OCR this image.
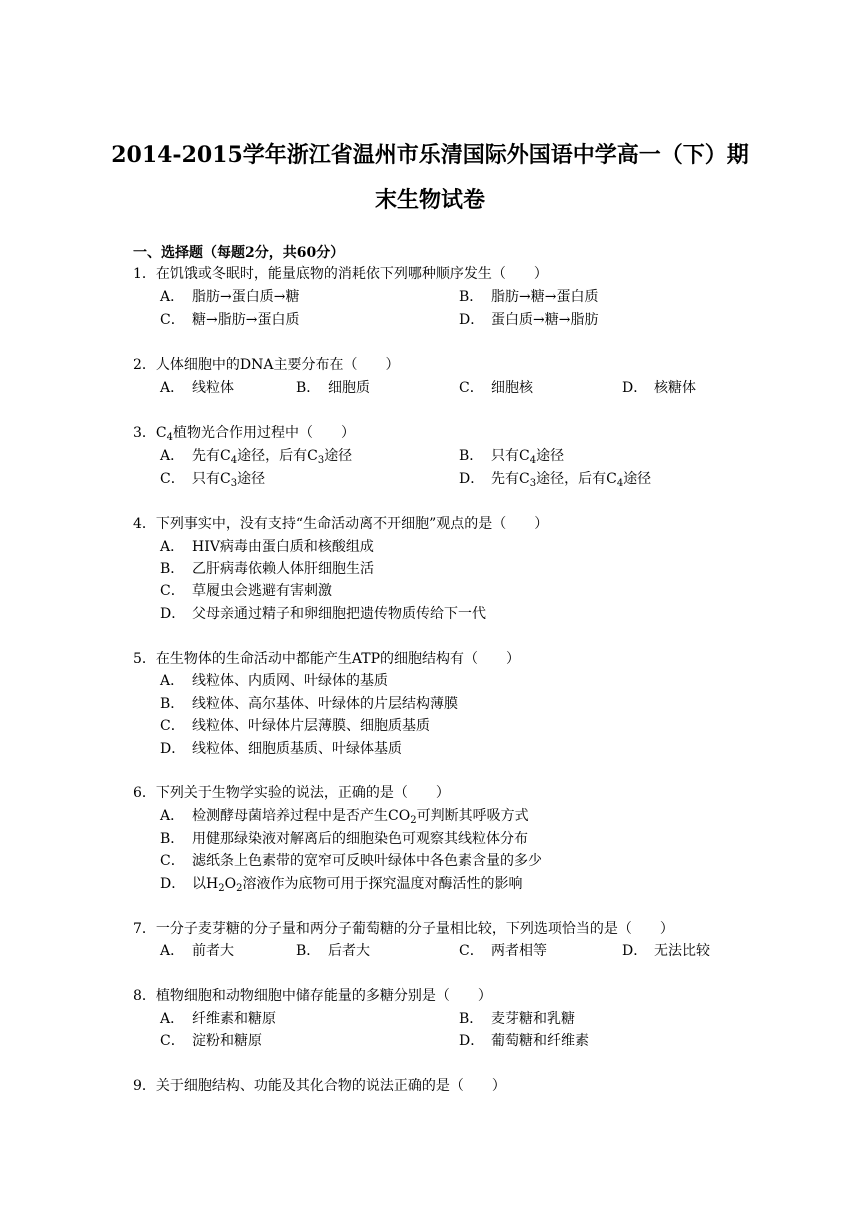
2014-2015学年浙江省温州市乐清国际外国语中学高一（下）期
末生物试卷
一、选择题（每题2分，共60分）
1．在饥饿或冬眠时，能量底物的消耗依下列哪种顺序发生（　　）
A． 脂肪→蛋白质→糖	B． 脂肪→糖→蛋白质
C． 糖→脂肪→蛋白质	D． 蛋白质→糖→脂肪
2．人体细胞中的DNA主要分布在（　　）
A． 线粒体	B． 细胞质	C． 细胞核	D． 核糖体
3．$C_4$植物光合作用过程中（　　）
A． 先有$C_4$途径，后有$C_3$途径	B． 只有$C_4$途径
C． 只有$C_3$途径	D． 先有$C_3$途径，后有$C_4$途径
4．下列事实中，没有支持“生命活动离不开细胞”观点的是（　　）
A． HIV病毒由蛋白质和核酸组成
B． 乙肝病毒依赖人体肝细胞生活
C． 草履虫会逃避有害刺激
D． 父母亲通过精子和卵细胞把遗传物质传给下一代
5．在生物体的生命活动中都能产生ATP的细胞结构有（　　）
A． 线粒体、内质网、叶绿体的基质
B． 线粒体、高尔基体、叶绿体的片层结构薄膜
C． 线粒体、叶绿体片层薄膜、细胞质基质
D． 线粒体、细胞质基质、叶绿体基质
6．下列关于生物学实验的说法，正确的是（　　）
A． 检测酵母菌培养过程中是否产生$CO_2$可判断其呼吸方式
B． 用健那绿染液对解离后的细胞染色可观察其线粒体分布
C． 滤纸条上色素带的宽窄可反映叶绿体中各色素含量的多少
D． 以$H_2O_2$溶液作为底物可用于探究温度对酶活性的影响
7．一分子麦芽糖的分子量和两分子葡萄糖的分子量相比较，下列选项恰当的是（　　）
A． 前者大	B． 后者大	C． 两者相等	D． 无法比较
8．植物细胞和动物细胞中储存能量的多糖分别是（　　）
A． 纤维素和糖原	B． 麦芽糖和乳糖
C． 淀粉和糖原	D． 葡萄糖和纤维素
9．关于细胞结构、功能及其化合物的说法正确的是（　　）
